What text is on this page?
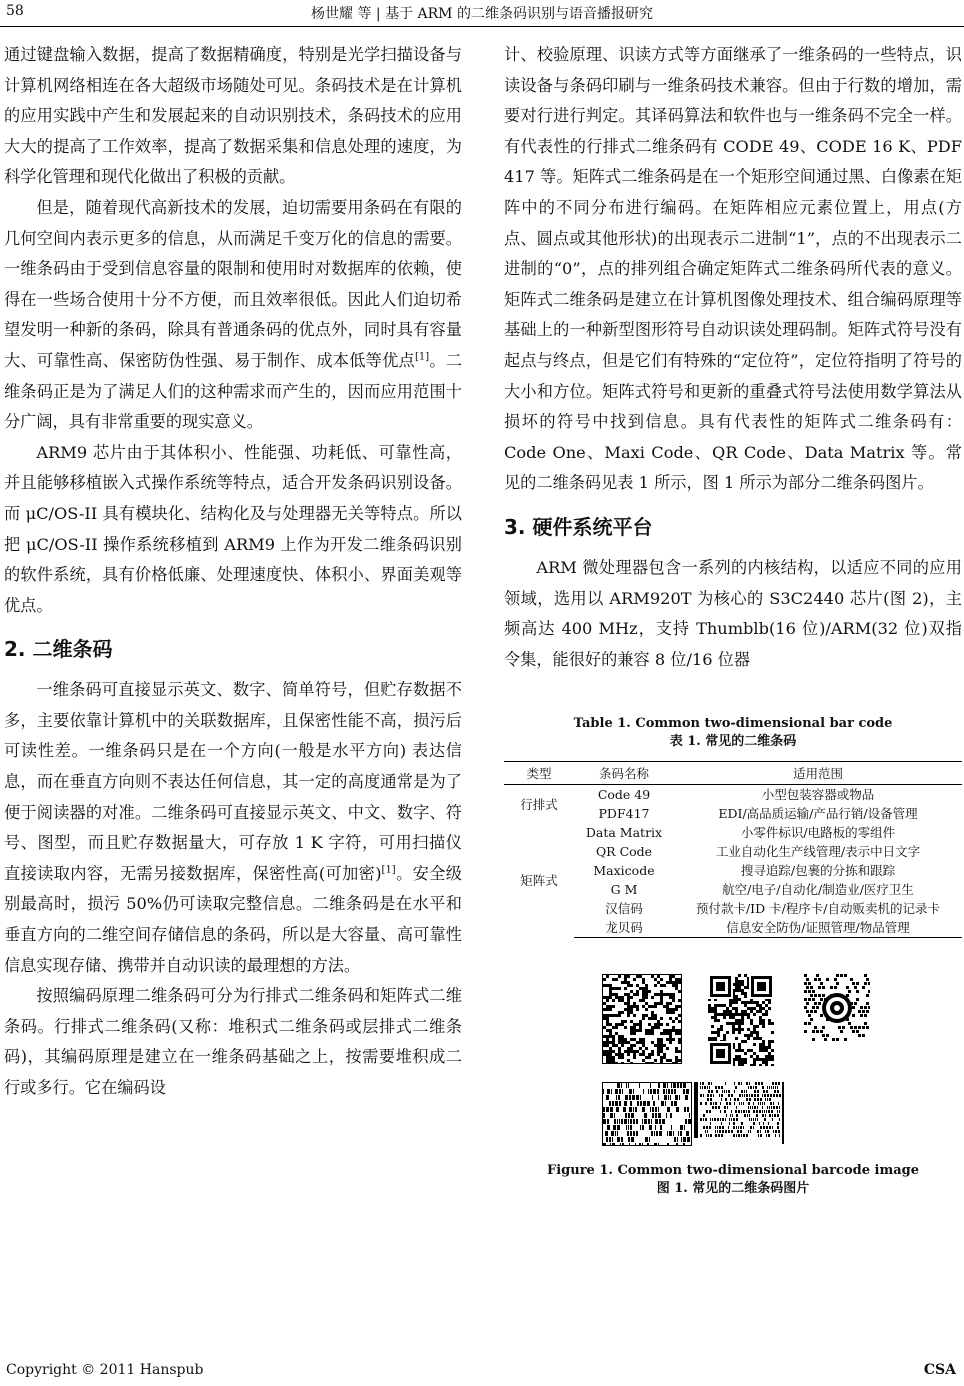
58	杨世耀 等 | 基于 ARM 的二维条码识别与语音播报研究

通过键盘输入数据，提高了数据精确度，特别是光学扫描设备与计算机网络相连在各大超级市场随处可见。条码技术是在计算机的应用实践中产生和发展起来的自动识别技术，条码技术的应用大大的提高了工作效率，提高了数据采集和信息处理的速度，为科学化管理和现代化做出了积极的贡献。

但是，随着现代高新技术的发展，迫切需要用条码在有限的几何空间内表示更多的信息，从而满足千变万化的信息的需要。一维条码由于受到信息容量的限制和使用时对数据库的依赖，使得在一些场合使用十分不方便，而且效率很低。因此人们迫切希望发明一种新的条码，除具有普通条码的优点外，同时具有容量大、可靠性高、保密防伪性强、易于制作、成本低等优点[1]。二维条码正是为了满足人们的这种需求而产生的，因而应用范围十分广阔，具有非常重要的现实意义。

ARM9 芯片由于其体积小、性能强、功耗低、可靠性高，并且能够移植嵌入式操作系统等特点，适合开发条码识别设备。而 μC/OS-II 具有模块化、结构化及与处理器无关等特点。所以把 μC/OS-II 操作系统移植到 ARM9 上作为开发二维条码识别的软件系统，具有价格低廉、处理速度快、体积小、界面美观等优点。

2. 二维条码

一维条码可直接显示英文、数字、简单符号，但贮存数据不多，主要依靠计算机中的关联数据库，且保密性能不高，损污后可读性差。一维条码只是在一个方向(一般是水平方向) 表达信息，而在垂直方向则不表达任何信息，其一定的高度通常是为了便于阅读器的对准。二维条码可直接显示英文、中文、数字、符号、图型，而且贮存数据量大，可存放 1 K 字符，可用扫描仪直接读取内容，无需另接数据库，保密性高(可加密)[1]。安全级别最高时，损污 50%仍可读取完整信息。二维条码是在水平和垂直方向的二维空间存储信息的条码，所以是大容量、高可靠性信息实现存储、携带并自动识读的最理想的方法。

按照编码原理二维条码可分为行排式二维条码和矩阵式二维条码。行排式二维条码(又称：堆积式二维条码或层排式二维条码)，其编码原理是建立在一维条码基础之上，按需要堆积成二行或多行。它在编码设

计、校验原理、识读方式等方面继承了一维条码的一些特点，识读设备与条码印刷与一维条码技术兼容。但由于行数的增加，需要对行进行判定。其译码算法和软件也与一维条码不完全一样。有代表性的行排式二维条码有 CODE 49、CODE 16 K、PDF 417 等。矩阵式二维条码是在一个矩形空间通过黑、白像素在矩阵中的不同分布进行编码。在矩阵相应元素位置上，用点(方点、圆点或其他形状)的出现表示二进制“1”，点的不出现表示二进制的“0”，点的排列组合确定矩阵式二维条码所代表的意义。矩阵式二维条码是建立在计算机图像处理技术、组合编码原理等基础上的一种新型图形符号自动识读处理码制。矩阵式符号没有起点与终点，但是它们有特殊的“定位符”，定位符指明了符号的大小和方位。矩阵式符号和更新的重叠式符号法使用数学算法从损坏的符号中找到信息。具有代表性的矩阵式二维条码有：Code One、Maxi Code、QR Code、Data Matrix 等。常见的二维条码见表 1 所示，图 1 所示为部分二维条码图片。

3. 硬件系统平台

ARM 微处理器包含一系列的内核结构，以适应不同的应用领域，选用以 ARM920T 为核心的 S3C2440 芯片(图 2)，主频高达 400 MHz，支持 Thumblb(16 位)/ARM(32 位)双指令集，能很好的兼容 8 位/16 位器

Table 1. Common two-dimensional bar code
表 1. 常见的二维条码
类型	条码名称	适用范围
行排式	Code 49	小型包装容器或物品
	PDF417	EDI/高品质运输/产品行销/设备管理
矩阵式	Data Matrix	小零件标识/电路板的零组件
	QR Code	工业自动化生产线管理/表示中日文字
	Maxicode	搜寻追踪/包裹的分拣和跟踪
	G M	航空/电子/自动化/制造业/医疗卫生
	汉信码	预付款卡/ID 卡/程序卡/自动贩卖机的记录卡
	龙贝码	信息安全防伪/证照管理/物品管理
Figure 1. Common two-dimensional barcode image
图 1. 常见的二维条码图片
Copyright © 2011 Hanspub	CSA
